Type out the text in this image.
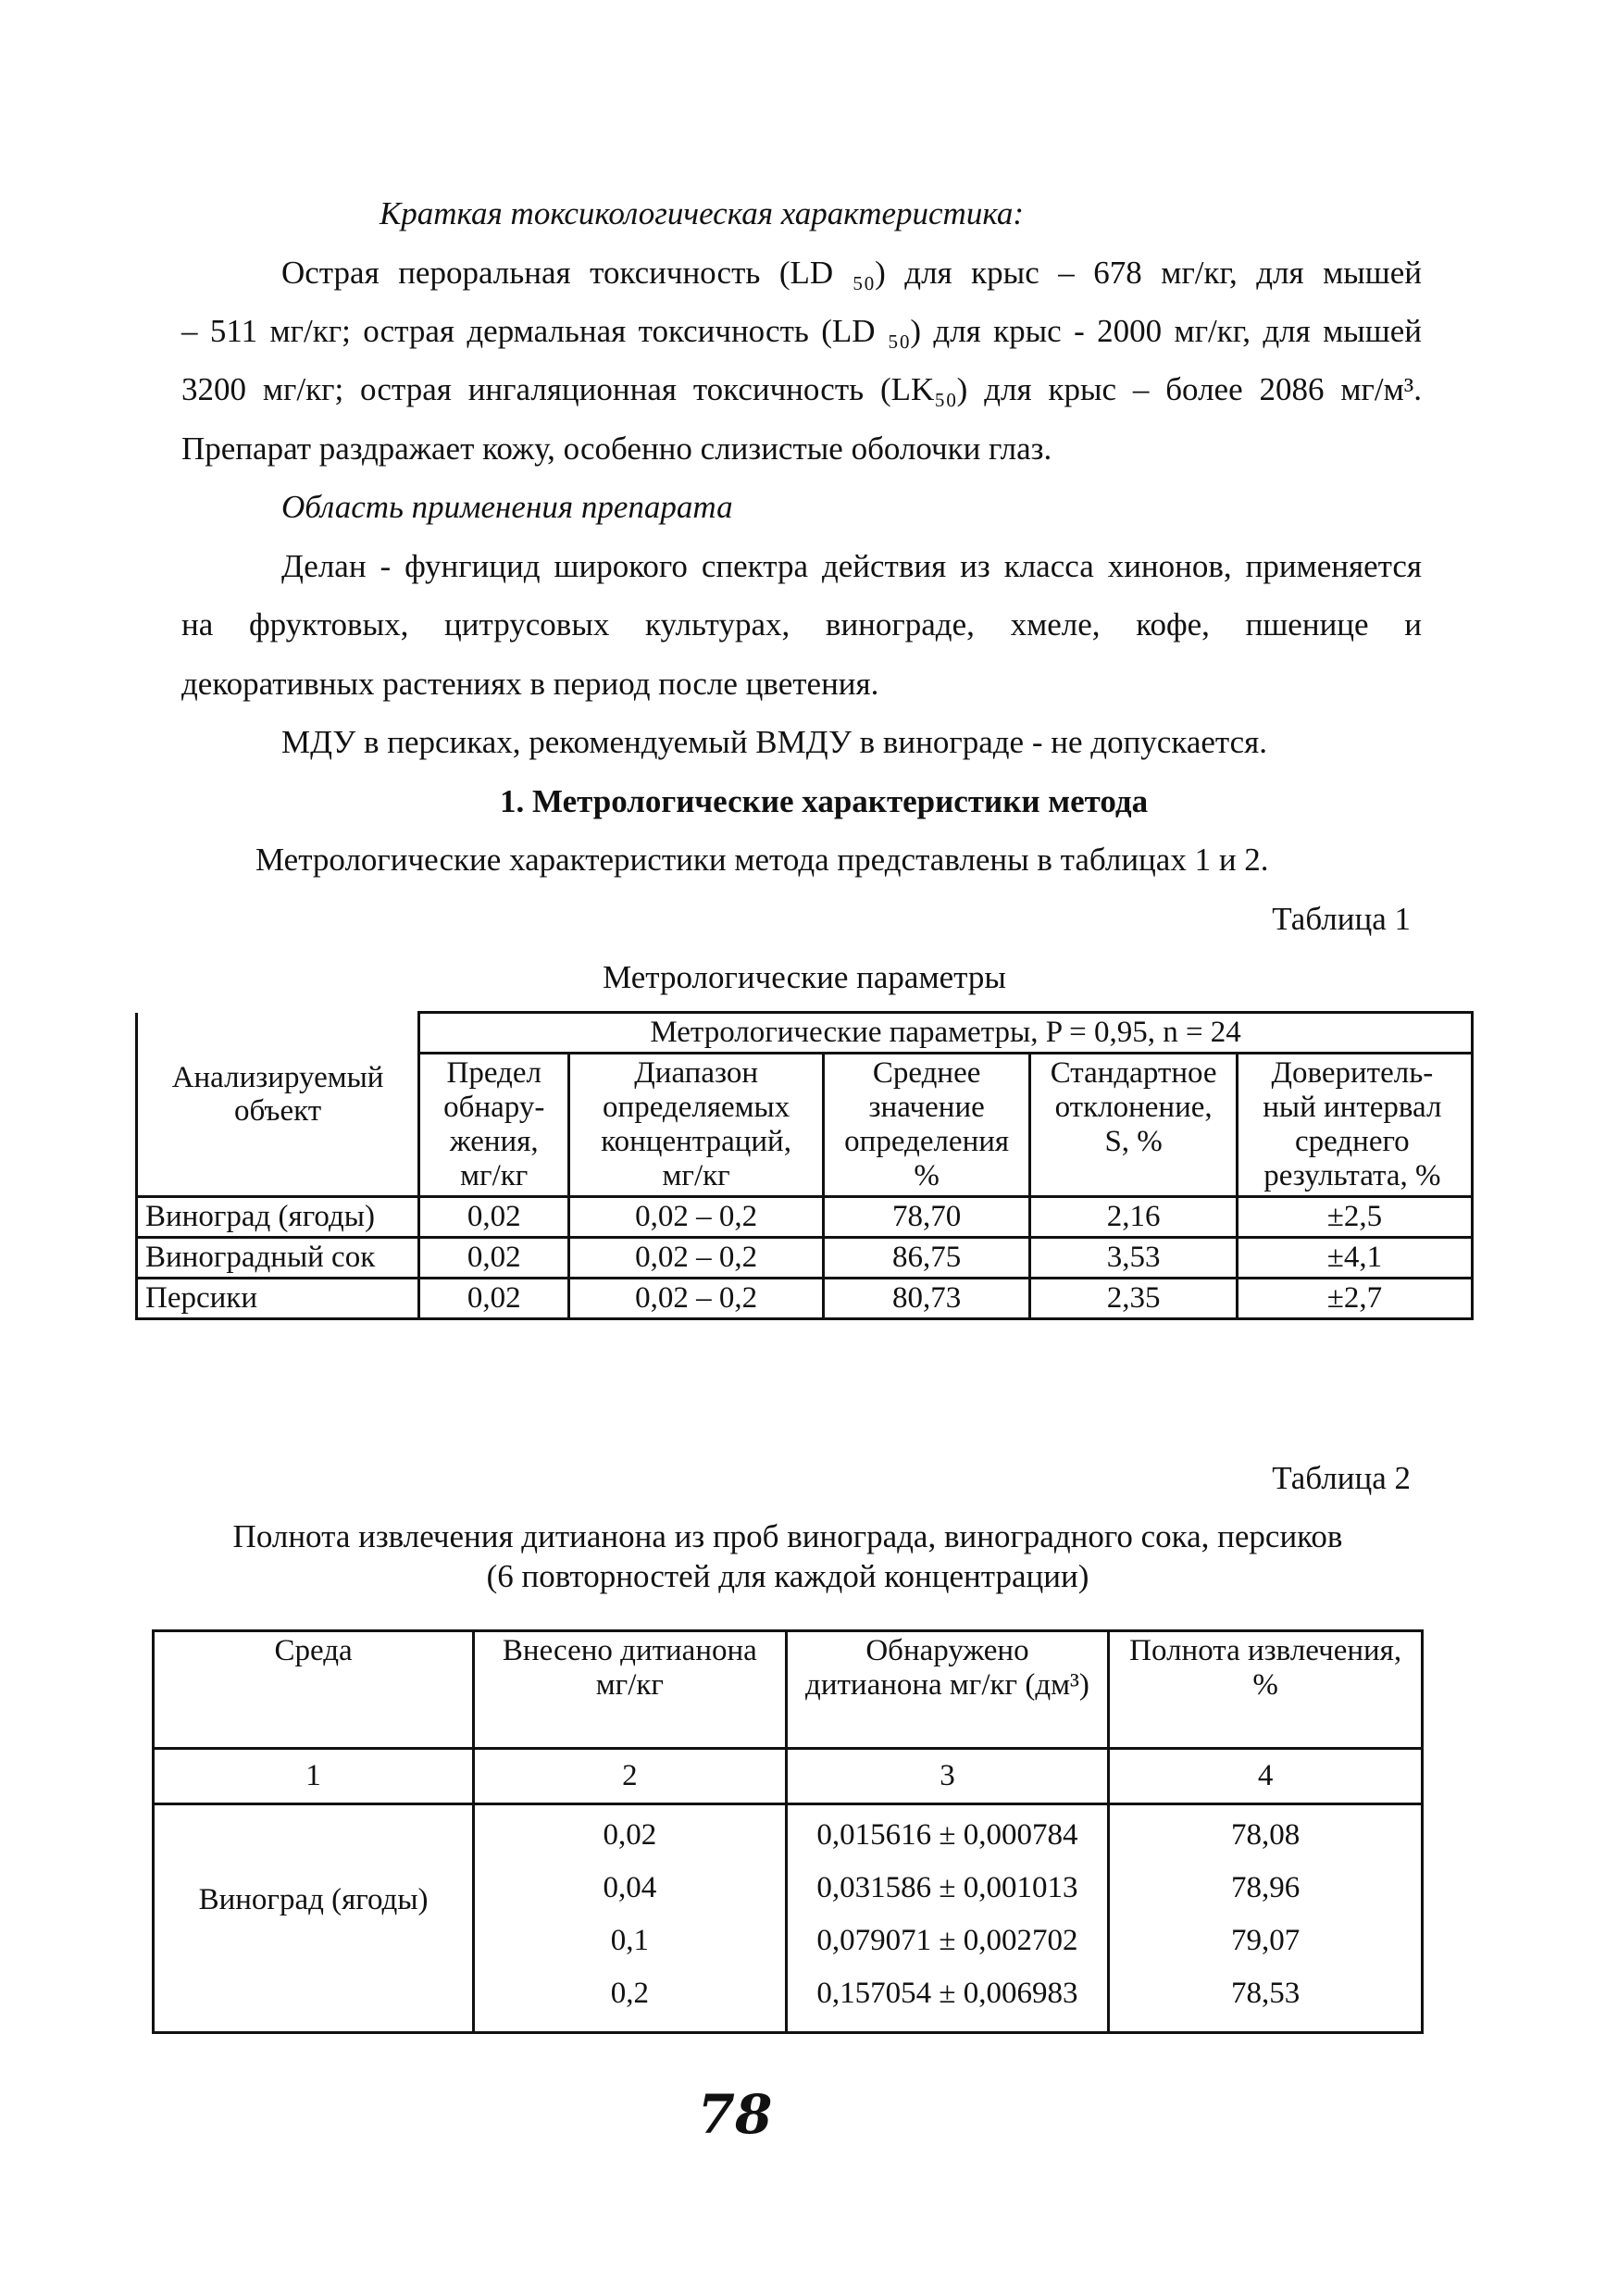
Краткая токсикологическая характеристика:
Острая пероральная токсичность (LD ₅₀) для крыс – 678 мг/кг, для мышей
– 511 мг/кг; острая дермальная токсичность (LD ₅₀) для крыс - 2000 мг/кг, для мышей
3200 мг/кг; острая ингаляционная токсичность (LK₅₀) для крыс – более 2086 мг/м³.
Препарат раздражает кожу, особенно слизистые оболочки глаз.
Область применения препарата
Делан - фунгицид широкого спектра действия из класса хинонов, применяется
на фруктовых, цитрусовых культурах, винограде, хмеле, кофе, пшенице и
декоративных растениях в период после цветения.
МДУ в персиках, рекомендуемый ВМДУ в винограде - не допускается.
1. Метрологические характеристики метода
Метрологические характеристики метода представлены в таблицах 1 и 2.
Таблица 1
Метрологические параметры
Анализируемый объект	Метрологические параметры, P = 0,95, n = 24				
	Предел обнару-жения, мг/кг	Диапазон определяемых концентраций, мг/кг	Среднее значение определения %	Стандартное отклонение, S, %	Доверитель-ный интервал среднего результата, %

Виноград (ягоды)	0,02	0,02 – 0,2	78,70	2,16	±2,5
Виноградный сок	0,02	0,02 – 0,2	86,75	3,53	±4,1
Персики	0,02	0,02 – 0,2	80,73	2,35	±2,7
Таблица 2
Полнота извлечения дитианона из проб винограда, виноградного сока, персиков
(6 повторностей для каждой концентрации)
Среда	Внесено дитианона мг/кг	Обнаружено дитианона мг/кг (дм³)	Полнота извлечения, %
1	2	3	4
Виноград (ягоды)	0,02	0,015616 ± 0,000784	78,08
	0,04	0,031586 ± 0,001013	78,96
	0,1	0,079071 ± 0,002702	79,07
	0,2	0,157054 ± 0,006983	78,53
78
